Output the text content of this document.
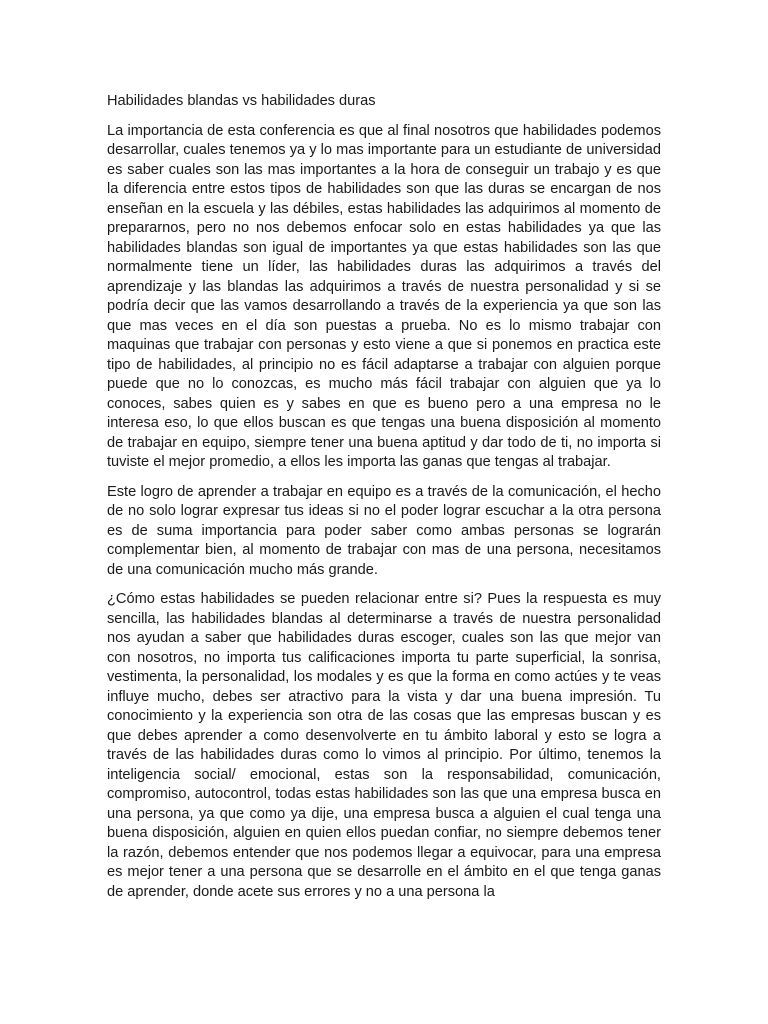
Habilidades blandas vs habilidades duras

La importancia de esta conferencia es que al final nosotros que habilidades podemos desarrollar, cuales tenemos ya y lo mas importante para un estudiante de universidad es saber cuales son las mas importantes a la hora de conseguir un trabajo y es que la diferencia entre estos tipos de habilidades son que las duras se encargan de nos enseñan en la escuela y las débiles, estas habilidades las adquirimos al momento de prepararnos, pero no nos debemos enfocar solo en estas habilidades ya que las habilidades blandas son igual de importantes ya que estas habilidades son las que normalmente tiene un líder, las habilidades duras las adquirimos a través del aprendizaje y las blandas las adquirimos a través de nuestra personalidad y si se podría decir que las vamos desarrollando a través de la experiencia ya que son las que mas veces en el día son puestas a prueba. No es lo mismo trabajar con maquinas que trabajar con personas y esto viene a que si ponemos en practica este tipo de habilidades, al principio no es fácil adaptarse a trabajar con alguien porque puede que no lo conozcas, es mucho más fácil trabajar con alguien que ya lo conoces, sabes quien es y sabes en que es bueno pero a una empresa no le interesa eso, lo que ellos buscan es que tengas una buena disposición al momento de trabajar en equipo, siempre tener una buena aptitud y dar todo de ti, no importa si tuviste el mejor promedio, a ellos les importa las ganas que tengas al trabajar.

Este logro de aprender a trabajar en equipo es a través de la comunicación, el hecho de no solo lograr expresar tus ideas si no el poder lograr escuchar a la otra persona es de suma importancia para poder saber como ambas personas se lograrán complementar bien, al momento de trabajar con mas de una persona, necesitamos de una comunicación mucho más grande.

¿Cómo estas habilidades se pueden relacionar entre si? Pues la respuesta es muy sencilla, las habilidades blandas al determinarse a través de nuestra personalidad nos ayudan a saber que habilidades duras escoger, cuales son las que mejor van con nosotros, no importa tus calificaciones importa tu parte superficial, la sonrisa, vestimenta, la personalidad, los modales y es que la forma en como actúes y te veas influye mucho, debes ser atractivo para la vista y dar una buena impresión. Tu conocimiento y la experiencia son otra de las cosas que las empresas buscan y es que debes aprender a como desenvolverte en tu ámbito laboral y esto se logra a través de las habilidades duras como lo vimos al principio. Por último, tenemos la inteligencia social/ emocional, estas son la responsabilidad, comunicación, compromiso, autocontrol, todas estas habilidades son las que una empresa busca en una persona, ya que como ya dije, una empresa busca a alguien el cual tenga una buena disposición, alguien en quien ellos puedan confiar, no siempre debemos tener la razón, debemos entender que nos podemos llegar a equivocar, para una empresa es mejor tener a una persona que se desarrolle en el ámbito en el que tenga ganas de aprender, donde acete sus errores y no a una persona la
